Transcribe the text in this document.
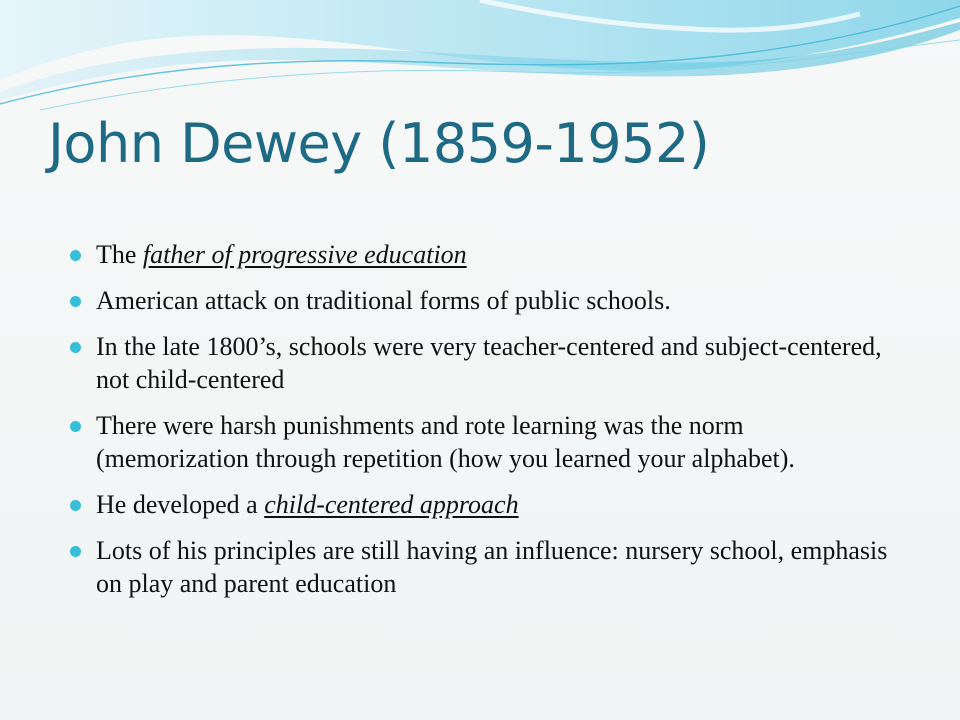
John Dewey (1859-1952)
The father of progressive education
American attack on traditional forms of public schools.
In the late 1800’s, schools were very teacher-centered and subject-centered, not child-centered
There were harsh punishments and rote learning was the norm (memorization through repetition (how you learned your alphabet).
He developed a child-centered approach
Lots of his principles are still having an influence: nursery school, emphasis on play and parent education
